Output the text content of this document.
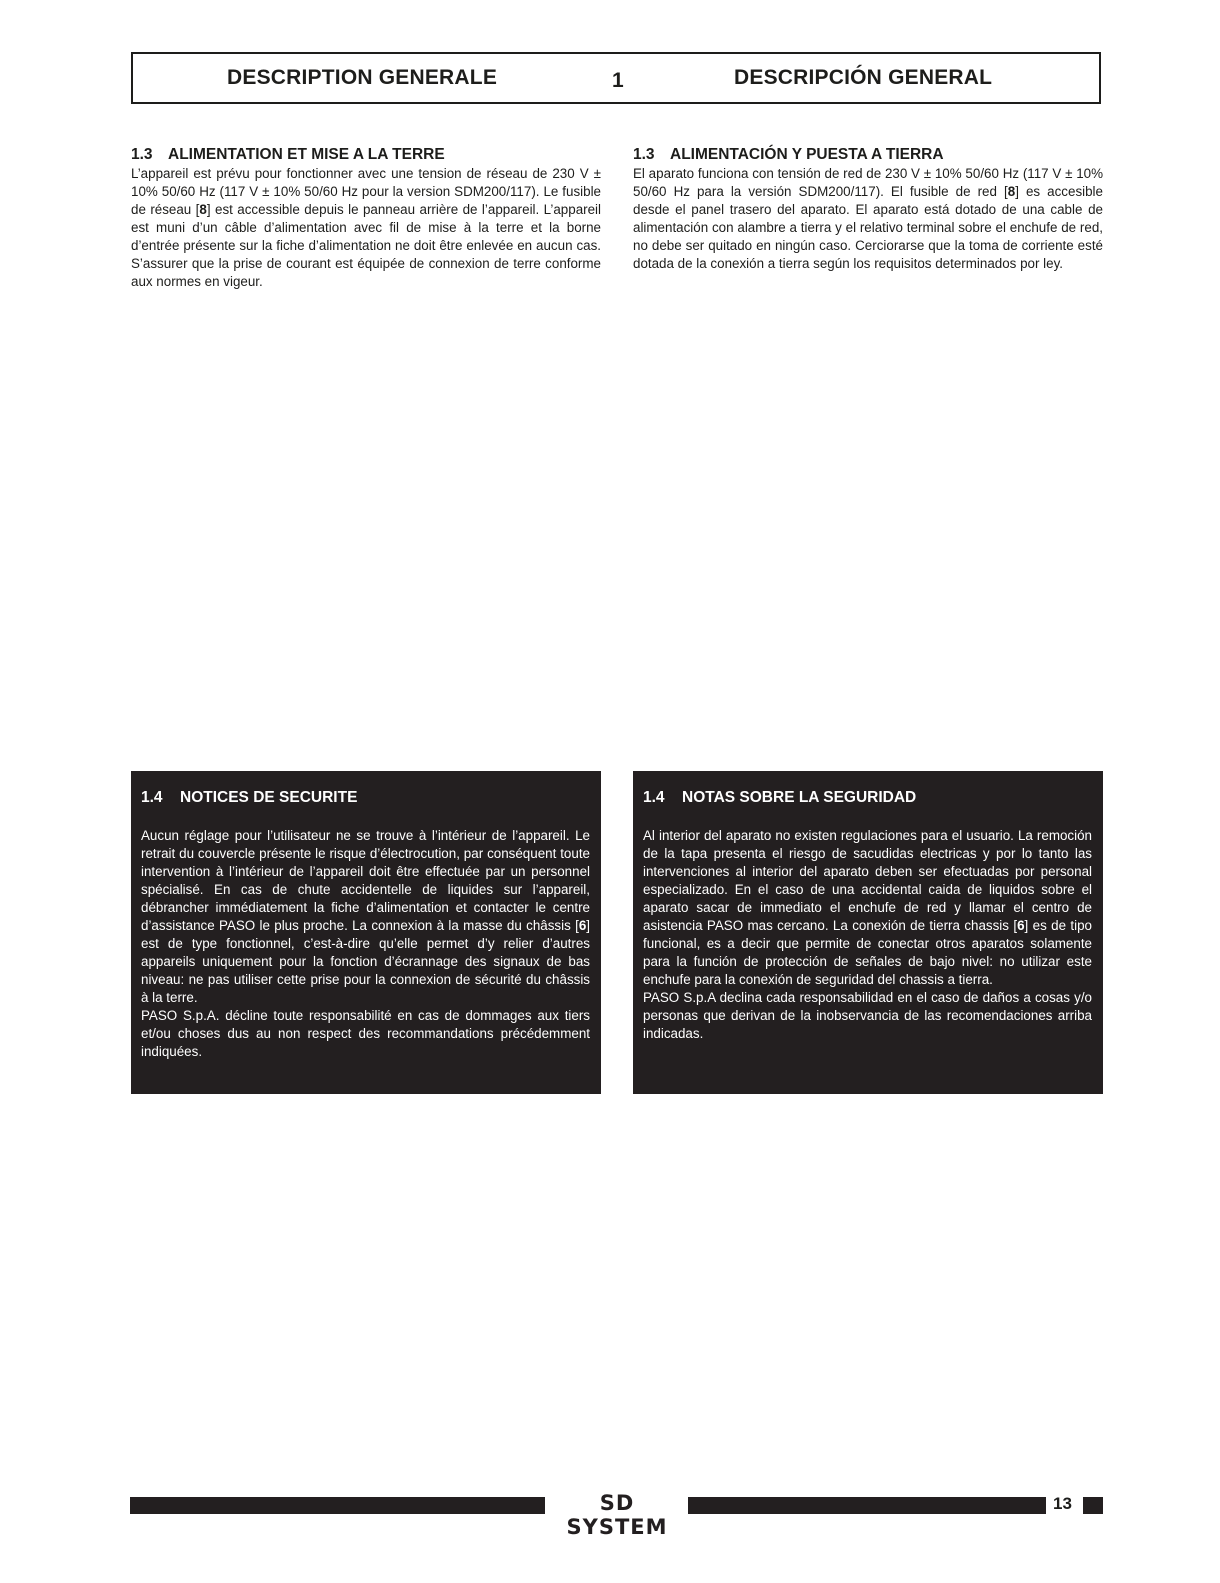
DESCRIPTION GENERALE	1	DESCRIPCIÓN GENERAL

1.3 ALIMENTATION ET MISE A LA TERRE

L’appareil est prévu pour fonctionner avec une tension de réseau de 230 V ± 10% 50/60 Hz (117 V ± 10% 50/60 Hz pour la version SDM200/117). Le fusible de réseau [8] est accessible depuis le panneau arrière de l’appareil. L’appareil est muni d’un câble d’alimentation avec fil de mise à la terre et la borne d’entrée présente sur la fiche d’alimentation ne doit être enlevée en aucun cas. S’assurer que la prise de courant est équipée de connexion de terre conforme aux normes en vigeur.

1.3 ALIMENTACIÓN Y PUESTA A TIERRA

El aparato funciona con tensión de red de 230 V ± 10% 50/60 Hz (117 V ± 10% 50/60 Hz para la versión SDM200/117). El fusible de red [8] es accesible desde el panel trasero del aparato. El aparato está dotado de una cable de alimentación con alambre a tierra y el relativo terminal sobre el enchufe de red, no debe ser quitado en ningún caso. Cerciorarse que la toma de corriente esté dotada de la conexión a tierra según los requisitos determinados por ley.

1.4 NOTICES DE SECURITE

Aucun réglage pour l’utilisateur ne se trouve à l’intérieur de l’appareil. Le retrait du couvercle présente le risque d’électrocution, par conséquent toute intervention à l’intérieur de l’appareil doit être effectuée par un personnel spécialisé. En cas de chute accidentelle de liquides sur l’appareil, débrancher immédiatement la fiche d’alimentation et contacter le centre d’assistance PASO le plus proche. La connexion à la masse du châssis [6] est de type fonctionnel, c’est-à-dire qu’elle permet d’y relier d’autres appareils uniquement pour la fonction d’écrannage des signaux de bas niveau: ne pas utiliser cette prise pour la connexion de sécurité du châssis à la terre.
PASO S.p.A. décline toute responsabilité en cas de dommages aux tiers et/ou choses dus au non respect des recommandations précédemment indiquées.

1.4 NOTAS SOBRE LA SEGURIDAD

Al interior del aparato no existen regulaciones para el usuario. La remoción de la tapa presenta el riesgo de sacudidas electricas y por lo tanto las intervenciones al interior del aparato deben ser efectuadas por personal especializado. En el caso de una accidental caida de liquidos sobre el aparato sacar de immediato el enchufe de red y llamar el centro de asistencia PASO mas cercano. La conexión de tierra chassis [6] es de tipo funcional, es a decir que permite de conectar otros aparatos solamente para la función de protección de señales de bajo nivel: no utilizar este enchufe para la conexión de seguridad del chassis a tierra.
PASO S.p.A declina cada responsabilidad en el caso de daños a cosas y/o personas que derivan de la inobservancia de las recomendaciones arriba indicadas.

SD SYSTEM
13
